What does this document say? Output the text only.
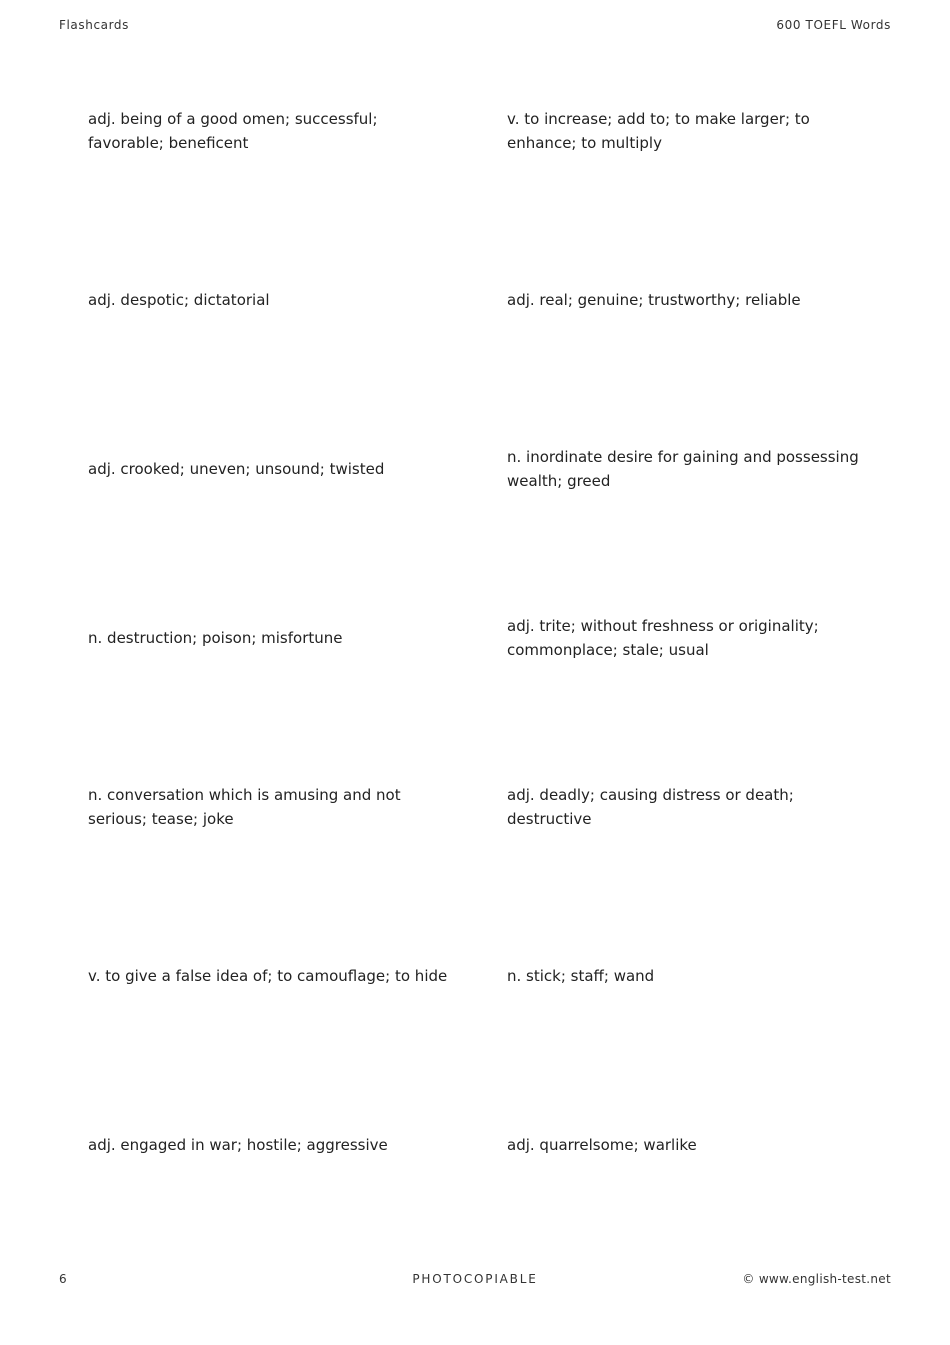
Flashcards	600 TOEFL Words
adj. being of a good omen; successful; favorable; beneficent
v. to increase; add to; to make larger; to enhance; to multiply
adj. despotic; dictatorial	adj. real; genuine; trustworthy; reliable
adj. crooked; uneven; unsound; twisted
n. inordinate desire for gaining and possessing wealth; greed
n. destruction; poison; misfortune
adj. trite; without freshness or originality; commonplace; stale; usual
n. conversation which is amusing and not serious; tease; joke
adj. deadly; causing distress or death; destructive
v. to give a false idea of; to camouflage; to hide	n. stick; staff; wand
adj. engaged in war; hostile; aggressive	adj. quarrelsome; warlike
6	PHOTOCOPIABLE	© www.english-test.net
